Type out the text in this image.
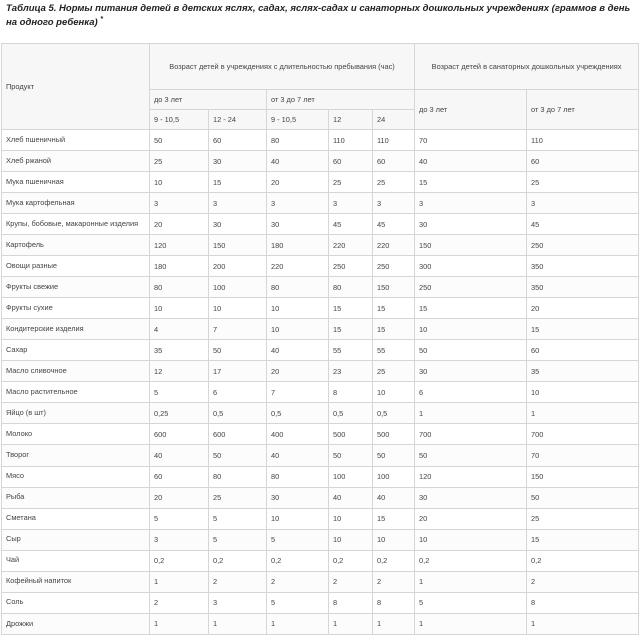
Таблица 5. Нормы питания детей в детских яслях, садах, яслях-садах и санаторных дошкольных учреждениях (граммов в день на одного ребенка) *
Продукт	Возраст детей в учреждениях с длительностью пребывания (час)					Возраст детей в санаторных дошкольных учреждениях	
	до 3 лет		от 3 до 7 лет			до 3 лет	от 3 до 7 лет
	9 - 10,5	12 - 24	9 - 10,5	12	24		
Хлеб пшеничный	50	60	80	110	110	70	110
Хлеб ржаной	25	30	40	60	60	40	60
Мука пшеничная	10	15	20	25	25	15	25
Мука картофельная	3	3	3	3	3	3	3
Крупы, бобовые, макаронные изделия	20	30	30	45	45	30	45
Картофель	120	150	180	220	220	150	250
Овощи разные	180	200	220	250	250	300	350
Фрукты свежие	80	100	80	80	150	250	350
Фрукты сухие	10	10	10	15	15	15	20
Кондитерские изделия	4	7	10	15	15	10	15
Сахар	35	50	40	55	55	50	60
Масло сливочное	12	17	20	23	25	30	35
Масло растительное	5	6	7	8	10	6	10
Яйцо (в шт)	0,25	0,5	0,5	0,5	0,5	1	1
Молоко	600	600	400	500	500	700	700
Творог	40	50	40	50	50	50	70
Мясо	60	80	80	100	100	120	150
Рыба	20	25	30	40	40	30	50
Сметана	5	5	10	10	15	20	25
Сыр	3	5	5	10	10	10	15
Чай	0,2	0,2	0,2	0,2	0,2	0,2	0,2
Кофейный напиток	1	2	2	2	2	1	2
Соль	2	3	5	8	8	5	8
Дрожжи	1	1	1	1	1	1	1
